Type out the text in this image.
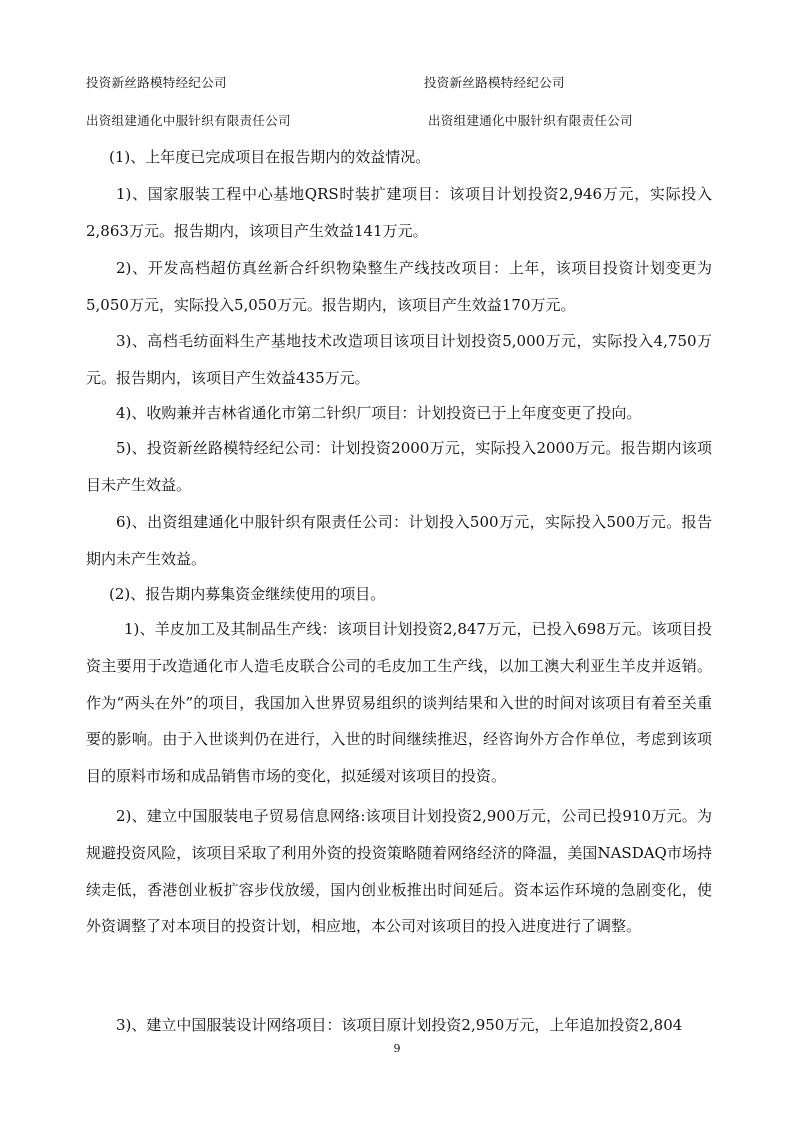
投资新丝路模特经纪公司	投资新丝路模特经纪公司
出资组建通化中服针织有限责任公司	出资组建通化中服针织有限责任公司

(1)、上年度已完成项目在报告期内的效益情况。

1)、国家服装工程中心基地QRS时装扩建项目：该项目计划投资2,946万元，实际投入2,863万元。报告期内，该项目产生效益141万元。

2)、开发高档超仿真丝新合纤织物染整生产线技改项目：上年，该项目投资计划变更为5,050万元，实际投入5,050万元。报告期内，该项目产生效益170万元。

3)、高档毛纺面料生产基地技术改造项目该项目计划投资5,000万元，实际投入4,750万元。报告期内，该项目产生效益435万元。

4)、收购兼并吉林省通化市第二针织厂项目：计划投资已于上年度变更了投向。

5)、投资新丝路模特经纪公司：计划投资2000万元，实际投入2000万元。报告期内该项目未产生效益。

6)、出资组建通化中服针织有限责任公司：计划投入500万元，实际投入500万元。报告期内未产生效益。

(2)、报告期内募集资金继续使用的项目。

1)、羊皮加工及其制品生产线：该项目计划投资2,847万元，已投入698万元。该项目投资主要用于改造通化市人造毛皮联合公司的毛皮加工生产线，以加工澳大利亚生羊皮并返销。作为“两头在外”的项目，我国加入世界贸易组织的谈判结果和入世的时间对该项目有着至关重要的影响。由于入世谈判仍在进行，入世的时间继续推迟，经咨询外方合作单位，考虑到该项目的原料市场和成品销售市场的变化，拟延缓对该项目的投资。

2)、建立中国服装电子贸易信息网络:该项目计划投资2,900万元，公司已投910万元。为规避投资风险，该项目采取了利用外资的投资策略随着网络经济的降温，美国NASDAQ市场持续走低，香港创业板扩容步伐放缓，国内创业板推出时间延后。资本运作环境的急剧变化，使外资调整了对本项目的投资计划，相应地，本公司对该项目的投入进度进行了调整。

3)、建立中国服装设计网络项目：该项目原计划投资2,950万元，上年追加投资2,804

9
